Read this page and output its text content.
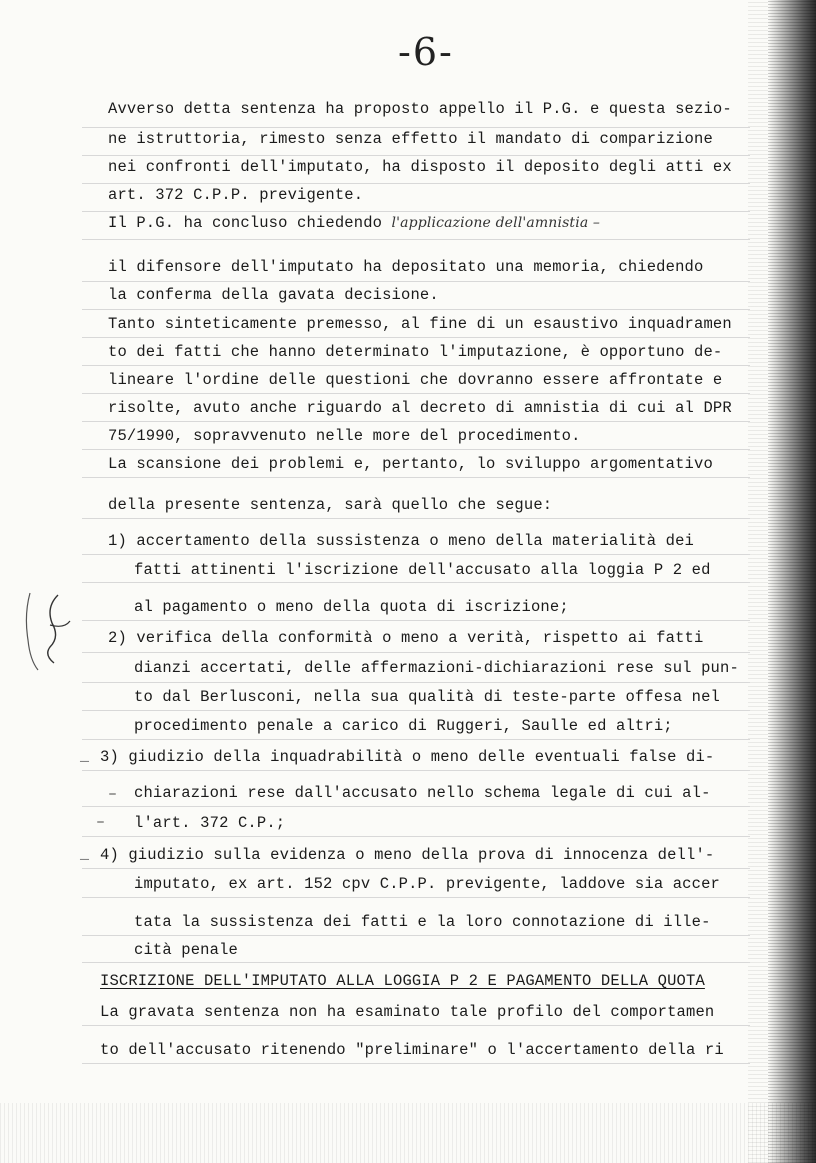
-6-
Avverso detta sentenza ha proposto appello il P.G. e questa sezio-
ne istruttoria, rimesto senza effetto il mandato di comparizione
nei confronti dell'imputato, ha disposto il deposito degli atti ex
art. 372 C.P.P. previgente.
Il P.G. ha concluso chiedendo l'applicazione dell'amnistia –
il difensore dell'imputato ha depositato una memoria, chiedendo
la conferma della gavata decisione.
Tanto sinteticamente premesso, al fine di un esaustivo inquadramen
to dei fatti che hanno determinato l'imputazione, è opportuno de-
lineare l'ordine delle questioni che dovranno essere affrontate e
risolte, avuto anche riguardo al decreto di amnistia di cui al DPR
75/1990, sopravvenuto nelle more del procedimento.
La scansione dei problemi e, pertanto, lo sviluppo argomentativo
della presente sentenza, sarà quello che segue:
1) accertamento della sussistenza o meno della materialità dei
fatti attinenti l'iscrizione dell'accusato alla loggia P 2 ed
al pagamento o meno della quota di iscrizione;
2) verifica della conformità o meno a verità, rispetto ai fatti
dianzi accertati, delle affermazioni-dichiarazioni rese sul pun-
to dal Berlusconi, nella sua qualità di teste-parte offesa nel
procedimento penale a carico di Ruggeri, Saulle ed altri;
3) giudizio della inquadrabilità o meno delle eventuali false di-
chiarazioni rese dall'accusato nello schema legale di cui al-
l'art. 372 C.P.;
4) giudizio sulla evidenza o meno della prova di innocenza dell'-
imputato, ex art. 152 cpv C.P.P. previgente, laddove sia accer
tata la sussistenza dei fatti e la loro connotazione di ille-
cità penale
ISCRIZIONE DELL'IMPUTATO ALLA LOGGIA P 2 E PAGAMENTO DELLA QUOTA
La gravata sentenza non ha esaminato tale profilo del comportamen
to dell'accusato ritenendo "preliminare" o l'accertamento della ri
_
–
–
_
